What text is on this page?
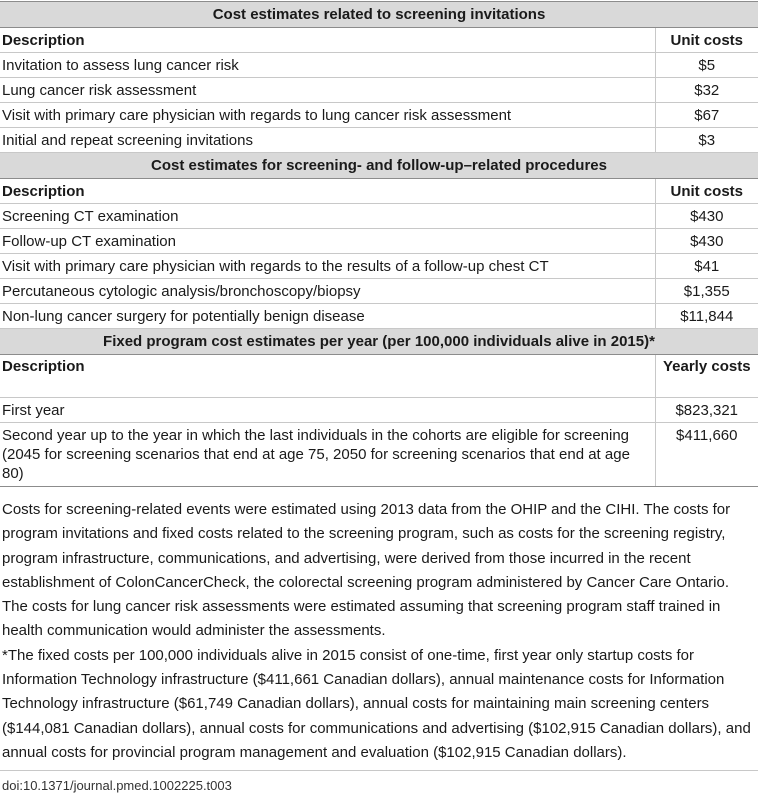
Cost estimates related to screening invitations	
Description	Unit costs
Invitation to assess lung cancer risk	$5
Lung cancer risk assessment	$32
Visit with primary care physician with regards to lung cancer risk assessment	$67
Initial and repeat screening invitations	$3
Cost estimates for screening- and follow-up–related procedures	
Description	Unit costs
Screening CT examination	$430
Follow-up CT examination	$430
Visit with primary care physician with regards to the results of a follow-up chest CT	$41
Percutaneous cytologic analysis/bronchoscopy/biopsy	$1,355
Non-lung cancer surgery for potentially benign disease	$11,844
Fixed program cost estimates per year (per 100,000 individuals alive in 2015)*	
Description	Yearly costs
First year	$823,321
Second year up to the year in which the last individuals in the cohorts are eligible for screening (2045 for screening scenarios that end at age 75, 2050 for screening scenarios that end at age 80)	$411,660

Costs for screening-related events were estimated using 2013 data from the OHIP and the CIHI. The costs for program invitations and fixed costs related to the screening program, such as costs for the screening registry, program infrastructure, communications, and advertising, were derived from those incurred in the recent establishment of ColonCancerCheck, the colorectal screening program administered by Cancer Care Ontario. The costs for lung cancer risk assessments were estimated assuming that screening program staff trained in health communication would administer the assessments.

*The fixed costs per 100,000 individuals alive in 2015 consist of one-time, first year only startup costs for Information Technology infrastructure ($411,661 Canadian dollars), annual maintenance costs for Information Technology infrastructure ($61,749 Canadian dollars), annual costs for maintaining main screening centers ($144,081 Canadian dollars), annual costs for communications and advertising ($102,915 Canadian dollars), and annual costs for provincial program management and evaluation ($102,915 Canadian dollars).

doi:10.1371/journal.pmed.1002225.t003
